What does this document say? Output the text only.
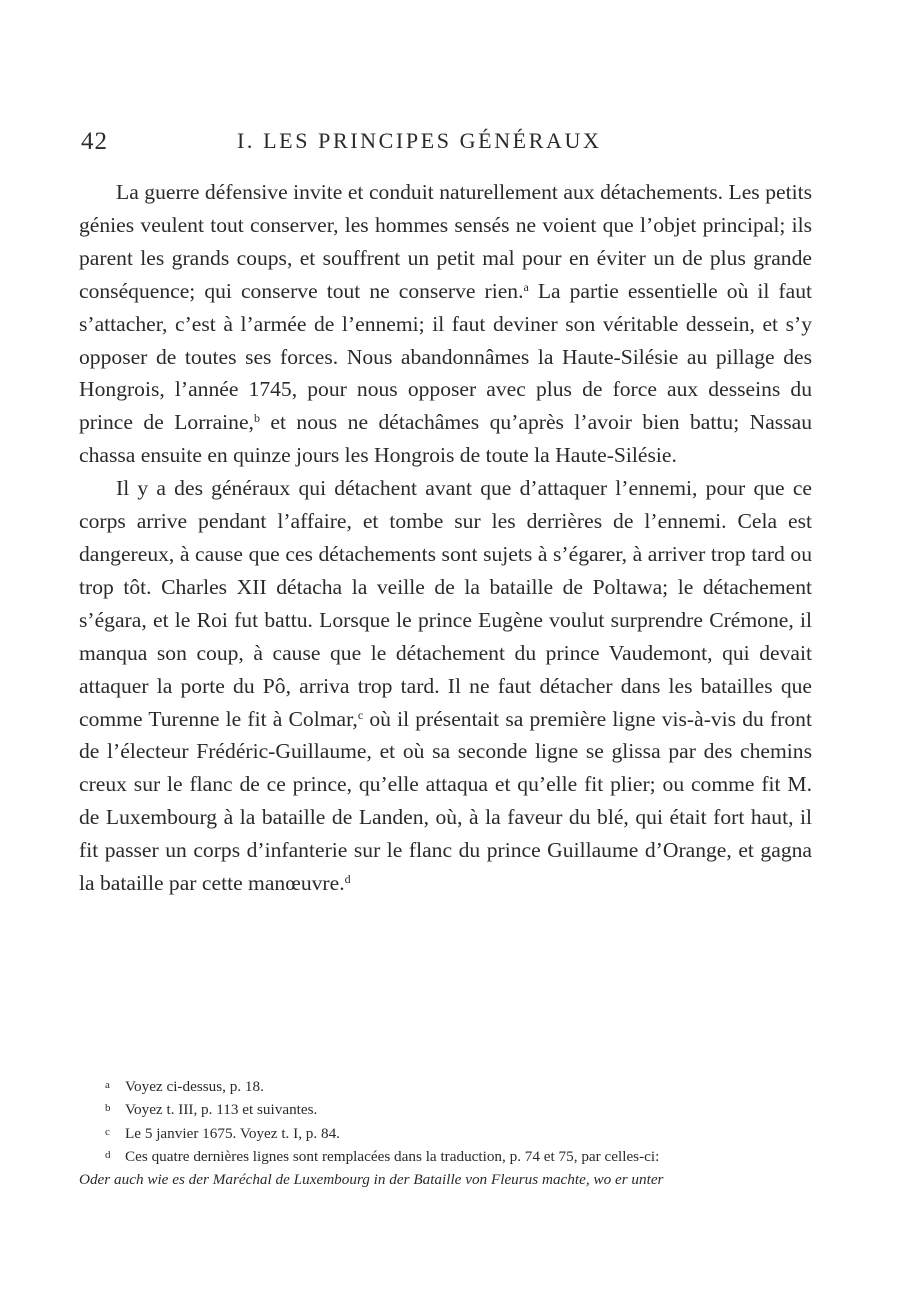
42	I. LES PRINCIPES GÉNÉRAUX

La guerre défensive invite et conduit naturellement aux détachements. Les petits génies veulent tout conserver, les hommes sensés ne voient que l’objet principal; ils parent les grands coups, et souffrent un petit mal pour en éviter un de plus grande conséquence; qui conserve tout ne conserve rien.$^a$ La partie essentielle où il faut s’attacher, c’est à l’armée de l’ennemi; il faut deviner son véritable dessein, et s’y opposer de toutes ses forces. Nous abandonnâmes la Haute-Silésie au pillage des Hongrois, l’année 1745, pour nous opposer avec plus de force aux desseins du prince de Lorraine,$^b$ et nous ne détachâmes qu’après l’avoir bien battu; Nassau chassa ensuite en quinze jours les Hongrois de toute la Haute-Silésie.

Il y a des généraux qui détachent avant que d’attaquer l’ennemi, pour que ce corps arrive pendant l’affaire, et tombe sur les derrières de l’ennemi. Cela est dangereux, à cause que ces détachements sont sujets à s’égarer, à arriver trop tard ou trop tôt. Charles XII détacha la veille de la bataille de Poltawa; le détachement s’égara, et le Roi fut battu. Lorsque le prince Eugène voulut surprendre Crémone, il manqua son coup, à cause que le détachement du prince Vaudemont, qui devait attaquer la porte du Pô, arriva trop tard. Il ne faut détacher dans les batailles que comme Turenne le fit à Colmar,$^c$ où il présentait sa première ligne vis-à-vis du front de l’électeur Frédéric-Guillaume, et où sa seconde ligne se glissa par des chemins creux sur le flanc de ce prince, qu’elle attaqua et qu’elle fit plier; ou comme fit M. de Luxembourg à la bataille de Landen, où, à la faveur du blé, qui était fort haut, il fit passer un corps d’infanterie sur le flanc du prince Guillaume d’Orange, et gagna la bataille par cette manœuvre.$^d$

a Voyez ci-dessus, p. 18.
b Voyez t. III, p. 113 et suivantes.
c Le 5 janvier 1675. Voyez t. I, p. 84.
d Ces quatre dernières lignes sont remplacées dans la traduction, p. 74 et 75, par celles-ci:
Oder auch wie es der Maréchal de Luxembourg in der Bataille von Fleurus machte, wo er unter
